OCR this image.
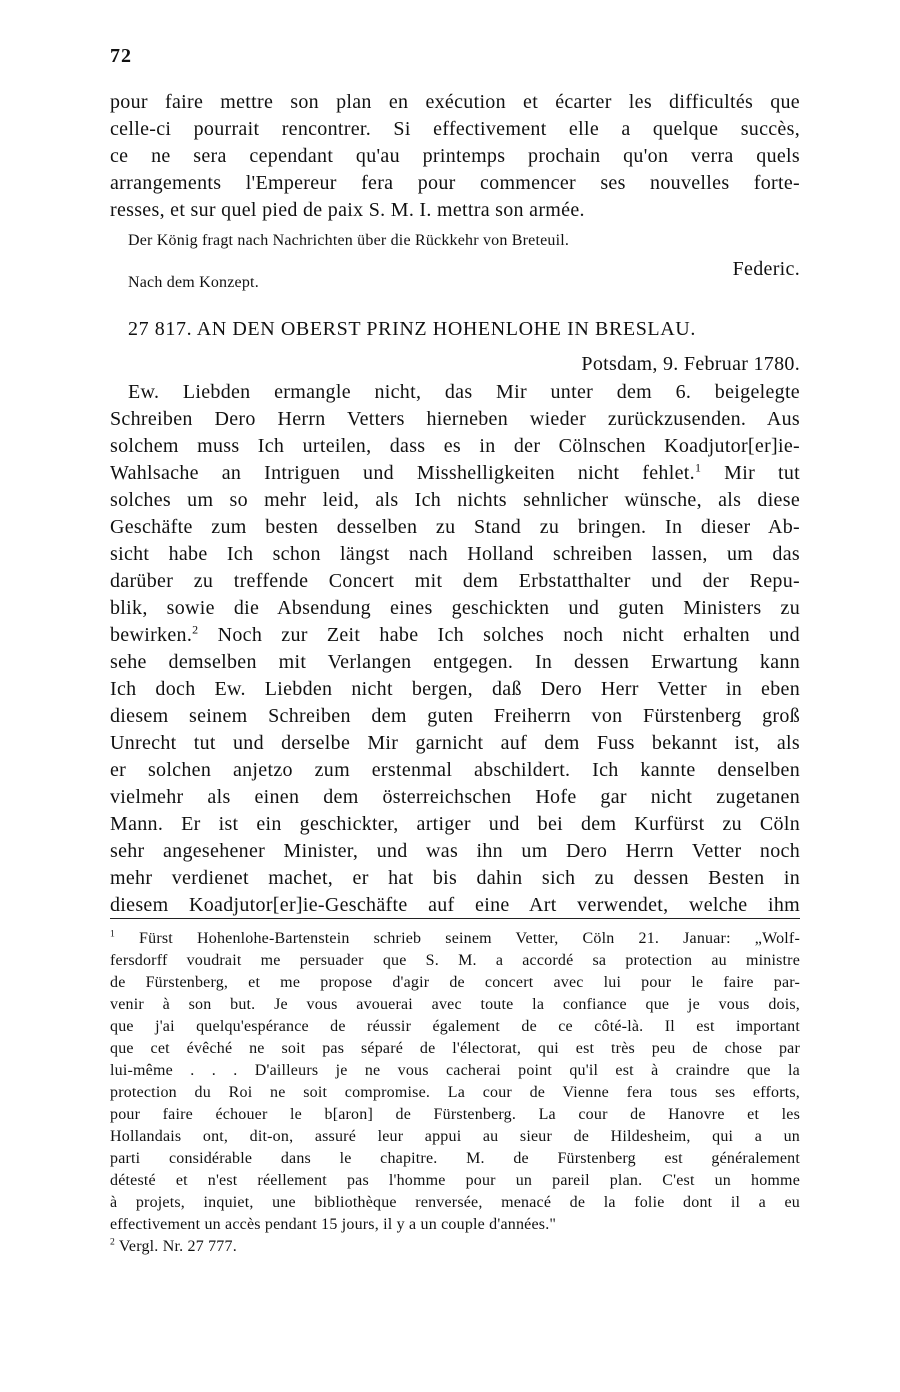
72
pour faire mettre son plan en exécution et écarter les difficultés que
celle-ci pourrait rencontrer. Si effectivement elle a quelque succès,
ce ne sera cependant qu'au printemps prochain qu'on verra quels
arrangements l'Empereur fera pour commencer ses nouvelles forte-
resses, et sur quel pied de paix S. M. I. mettra son armée.
Der König fragt nach Nachrichten über die Rückkehr von Breteuil.
Federic.
Nach dem Konzept.
27 817. AN DEN OBERST PRINZ HOHENLOHE IN BRESLAU.
Potsdam, 9. Februar 1780.
Ew. Liebden ermangle nicht, das Mir unter dem 6. beigelegte
Schreiben Dero Herrn Vetters hierneben wieder zurückzusenden. Aus
solchem muss Ich urteilen, dass es in der Cölnschen Koadjutor[er]ie-
Wahlsache an Intriguen und Misshelligkeiten nicht fehlet.$^1$ Mir tut
solches um so mehr leid, als Ich nichts sehnlicher wünsche, als diese
Geschäfte zum besten desselben zu Stand zu bringen. In dieser Ab-
sicht habe Ich schon längst nach Holland schreiben lassen, um das
darüber zu treffende Concert mit dem Erbstatthalter und der Repu-
blik, sowie die Absendung eines geschickten und guten Ministers zu
bewirken.$^2$ Noch zur Zeit habe Ich solches noch nicht erhalten und
sehe demselben mit Verlangen entgegen. In dessen Erwartung kann
Ich doch Ew. Liebden nicht bergen, daß Dero Herr Vetter in eben
diesem seinem Schreiben dem guten Freiherrn von Fürstenberg groß
Unrecht tut und derselbe Mir garnicht auf dem Fuss bekannt ist, als
er solchen anjetzo zum erstenmal abschildert. Ich kannte denselben
vielmehr als einen dem österreichschen Hofe gar nicht zugetanen
Mann. Er ist ein geschickter, artiger und bei dem Kurfürst zu Cöln
sehr angesehener Minister, und was ihn um Dero Herrn Vetter noch
mehr verdienet machet, er hat bis dahin sich zu dessen Besten in
diesem Koadjutor[er]ie-Geschäfte auf eine Art verwendet, welche ihm
$^1$ Fürst Hohenlohe-Bartenstein schrieb seinem Vetter, Cöln 21. Januar: „Wolf-
fersdorff voudrait me persuader que S. M. a accordé sa protection au ministre
de Fürstenberg, et me propose d'agir de concert avec lui pour le faire par-
venir à son but. Je vous avouerai avec toute la confiance que je vous dois,
que j'ai quelqu'espérance de réussir également de ce côté-là. Il est important
que cet évêché ne soit pas séparé de l'électorat, qui est très peu de chose par
lui-même . . . D'ailleurs je ne vous cacherai point qu'il est à craindre que la
protection du Roi ne soit compromise. La cour de Vienne fera tous ses efforts,
pour faire échouer le b[aron] de Fürstenberg. La cour de Hanovre et les
Hollandais ont, dit-on, assuré leur appui au sieur de Hildesheim, qui a un
parti considérable dans le chapitre. M. de Fürstenberg est généralement
détesté et n'est réellement pas l'homme pour un pareil plan. C'est un homme
à projets, inquiet, une bibliothèque renversée, menacé de la folie dont il a eu
effectivement un accès pendant 15 jours, il y a un couple d'années."
$^2$ Vergl. Nr. 27 777.
